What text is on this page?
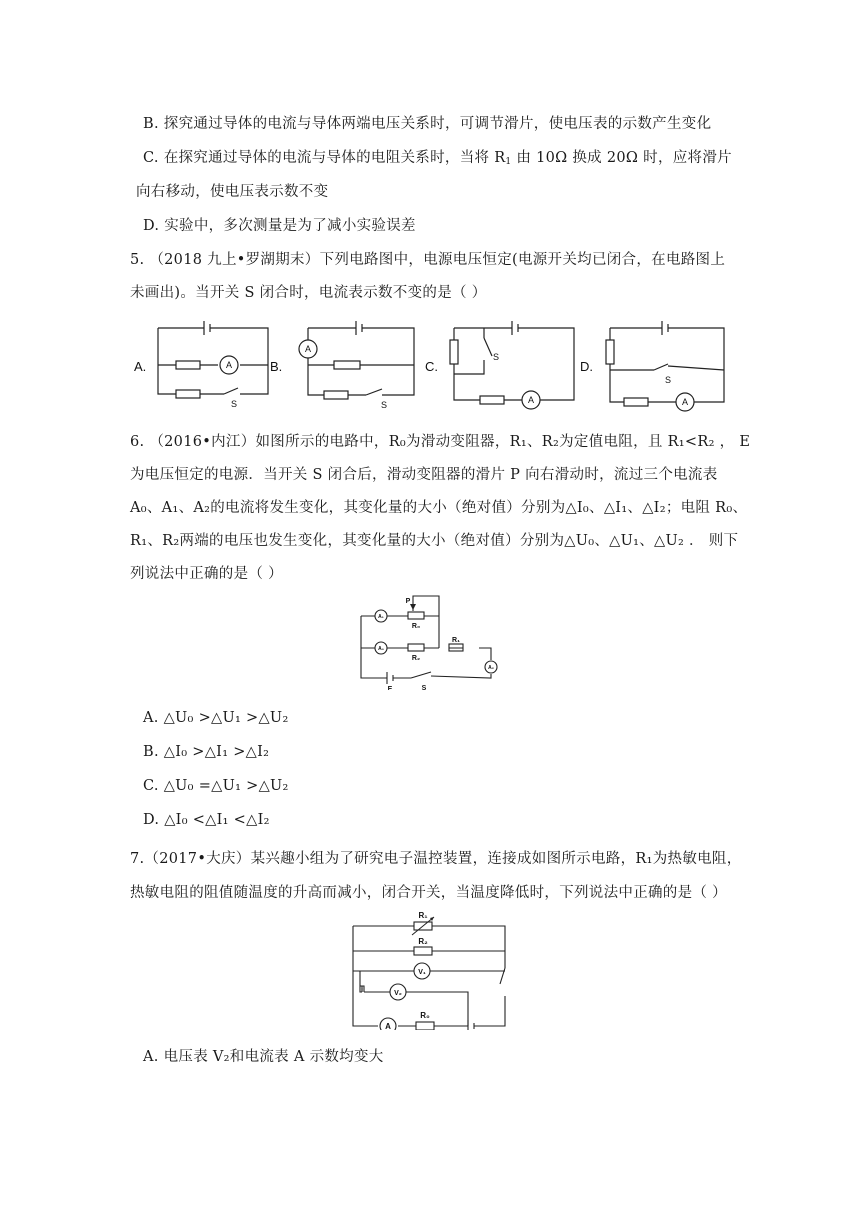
B. 探究通过导体的电流与导体两端电压关系时，可调节滑片，使电压表的示数产生变化
C. 在探究通过导体的电流与导体的电阻关系时，当将 $R_1$ 由 10Ω 换成 20Ω 时，应将滑片
向右移动，使电压表示数不变
D. 实验中，多次测量是为了减小实验误差
5. （2018 九上•罗湖期末）下列电路图中，电源电压恒定(电源开关均已闭合，在电路图上
未画出)。当开关 S 闭合时，电流表示数不变的是（ ）
A.	B.	C.	D.
A
A
A	A
S	S
S
S
6. （2016•内江）如图所示的电路中，R₀为滑动变阻器，R₁、R₂为定值电阻，且 R₁<R₂ ， E
为电压恒定的电源．当开关 S 闭合后，滑动变阻器的滑片 P 向右滑动时，流过三个电流表
A₀、A₁、A₂的电流将发生变化，其变化量的大小（绝对值）分别为△I₀、△I₁、△I₂；电阻 R₀、
R₁、R₂两端的电压也发生变化，其变化量的大小（绝对值）分别为△U₀、△U₁、△U₂ ． 则下
列说法中正确的是（ ）
P
R₀
R₂
R₁
A₁
A₀
A₂
E	S
A. △U₀ >△U₁ >△U₂
B. △I₀ >△I₁ >△I₂
C. △U₀ =△U₁ >△U₂
D. △I₀ <△I₁ <△I₂
7.（2017•大庆）某兴趣小组为了研究电子温控装置，连接成如图所示电路，R₁为热敏电阻，
热敏电阻的阻值随温度的升高而减小，闭合开关，当温度降低时，下列说法中正确的是（ ）
R₁
R₂
V₁
V₂
A
R₀
A. 电压表 V₂和电流表 A 示数均变大
